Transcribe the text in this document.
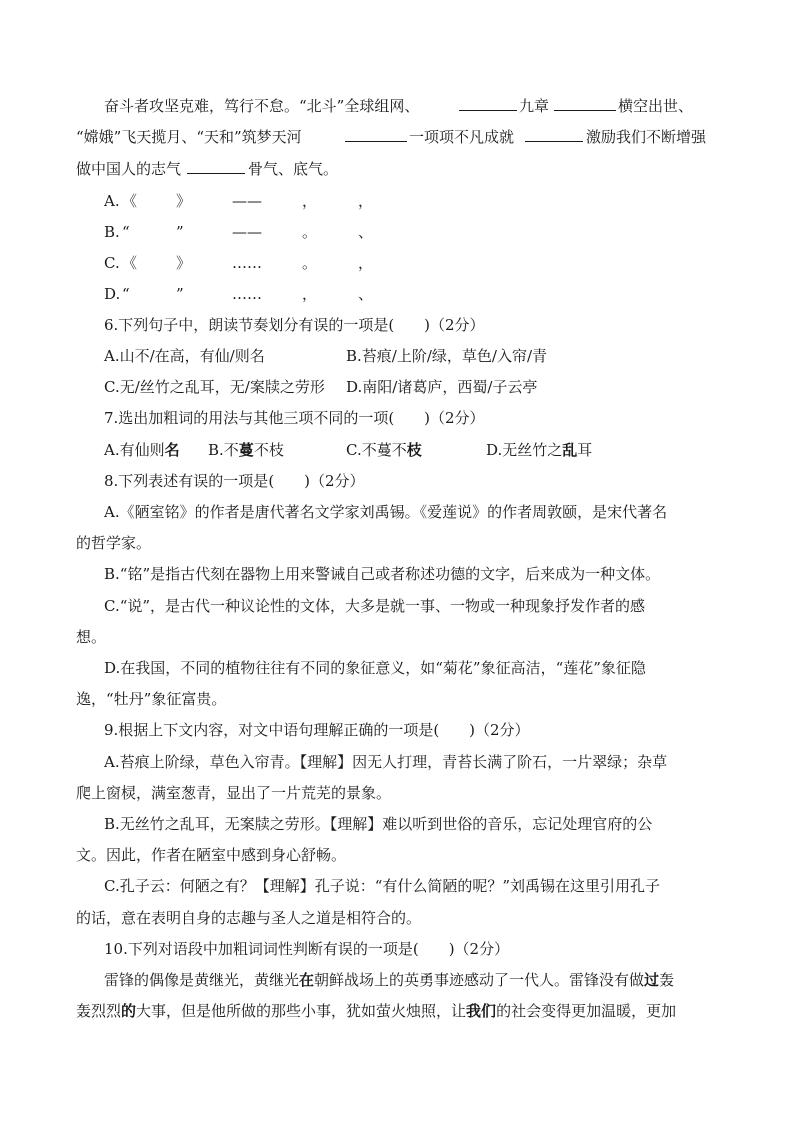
奋斗者攻坚克难，笃行不怠。“北斗”全球组网、	九章	横空出世、
“嫦娥”飞天揽月、“天和”筑梦天河	一项项不凡成就	激励我们不断增强
做中国人的志气	骨气、底气。
A. 《	》	——	，	，
B. “	”	——	。	、
C. 《	》	……	。	，
D. “	”	……	，	、
6.下列句子中，朗读节奏划分有误的一项是(　　)（2分）
A.山不/在高，有仙/则名	B.苔痕/上阶/绿，草色/入帘/青
C.无/丝竹之乱耳，无/案牍之劳形 D.南阳/诸葛庐，西蜀/子云亭
7.选出加粗词的用法与其他三项不同的一项(　　)（2分）
A.有仙则名 B.不蔓不枝	C.不蔓不枝	D.无丝竹之乱耳
8.下列表述有误的一项是(　　)（2分）
A.《陋室铭》的作者是唐代著名文学家刘禹锡。《爱莲说》的作者周敦颐，是宋代著名
的哲学家。
B.“铭”是指古代刻在器物上用来警诫自己或者称述功德的文字，后来成为一种文体。
C.“说”，是古代一种议论性的文体，大多是就一事、一物或一种现象抒发作者的感
想。
D.在我国，不同的植物往往有不同的象征意义，如“菊花”象征高洁，“莲花”象征隐
逸，“牡丹”象征富贵。
9.根据上下文内容，对文中语句理解正确的一项是(　　)（2分）
A.苔痕上阶绿，草色入帘青。【理解】因无人打理，青苔长满了阶石，一片翠绿；杂草
爬上窗棂，满室葱青，显出了一片荒芜的景象。
B.无丝竹之乱耳，无案牍之劳形。【理解】难以听到世俗的音乐，忘记处理官府的公
文。因此，作者在陋室中感到身心舒畅。
C.孔子云：何陋之有？【理解】孔子说：“有什么简陋的呢？”刘禹锡在这里引用孔子
的话，意在表明自身的志趣与圣人之道是相符合的。
10.下列对语段中加粗词词性判断有误的一项是(　　)（2分）
雷锋的偶像是黄继光，黄继光在朝鲜战场上的英勇事迹感动了一代人。雷锋没有做过轰
轰烈烈的大事，但是他所做的那些小事，犹如萤火烛照，让我们的社会变得更加温暖，更加
